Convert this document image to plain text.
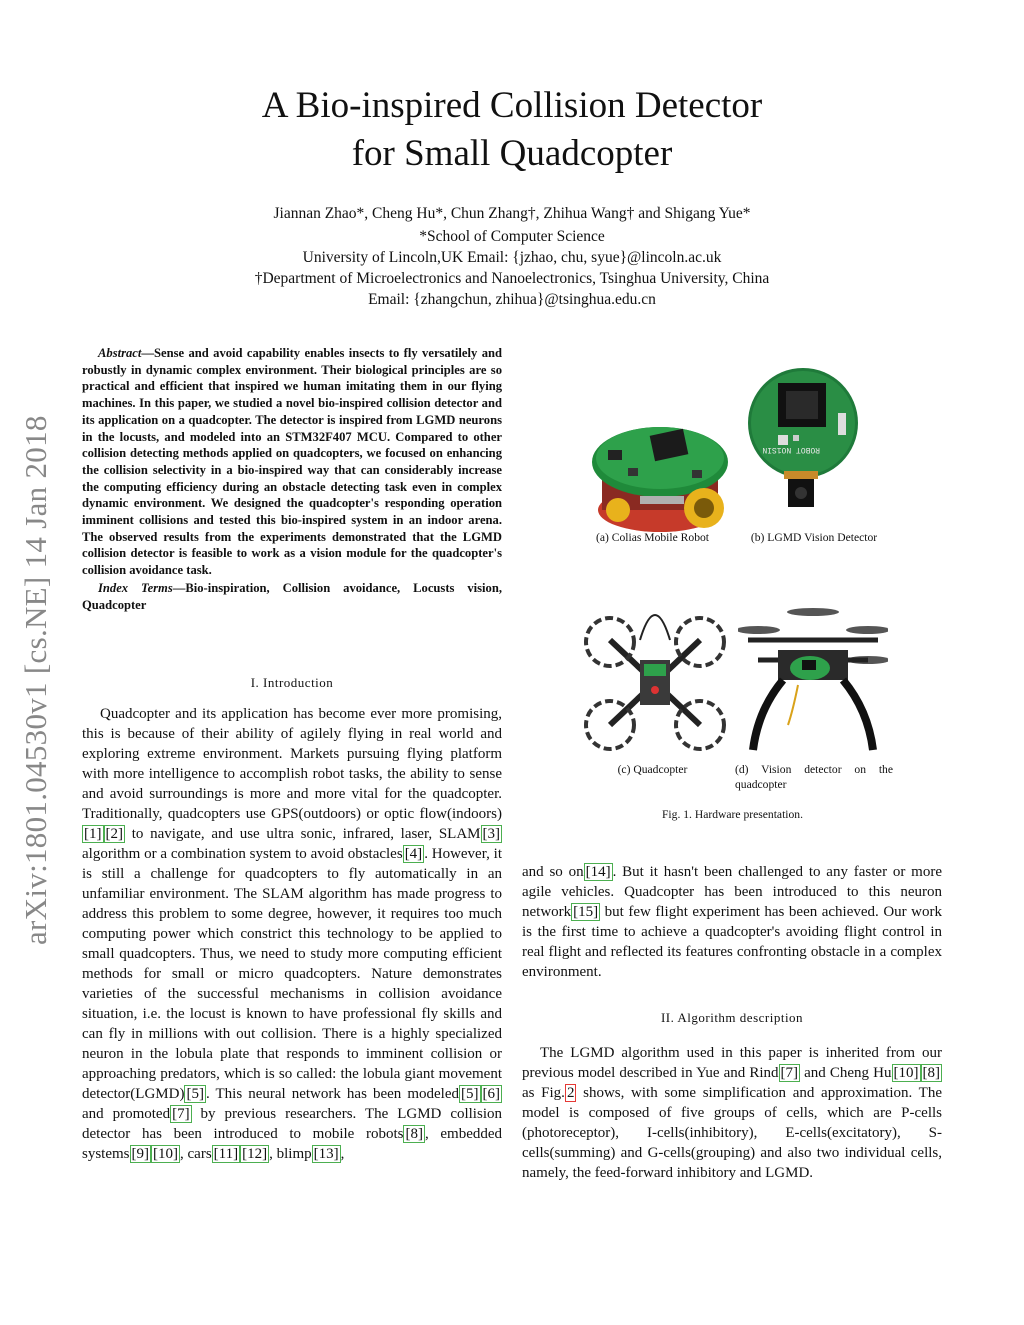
arXiv:1801.04530v1 [cs.NE] 14 Jan 2018
A Bio-inspired Collision Detector
for Small Quadcopter
Jiannan Zhao*, Cheng Hu*, Chun Zhang†, Zhihua Wang† and Shigang Yue*
*School of Computer Science
University of Lincoln,UK Email: {jzhao, chu, syue}@lincoln.ac.uk
†Department of Microelectronics and Nanoelectronics, Tsinghua University, China
Email: {zhangchun, zhihua}@tsinghua.edu.cn
Abstract—Sense and avoid capability enables insects to fly versatilely and robustly in dynamic complex environment. Their biological principles are so practical and efficient that inspired we human imitating them in our flying machines. In this paper, we studied a novel bio-inspired collision detector and its application on a quadcopter. The detector is inspired from LGMD neurons in the locusts, and modeled into an STM32F407 MCU. Compared to other collision detecting methods applied on quadcopters, we focused on enhancing the collision selectivity in a bio-inspired way that can considerably increase the computing efficiency during an obstacle detecting task even in complex dynamic environment. We designed the quadcopter's responding operation imminent collisions and tested this bio-inspired system in an indoor arena. The observed results from the experiments demonstrated that the LGMD collision detector is feasible to work as a vision module for the quadcopter's collision avoidance task.
Index Terms—Bio-inspiration, Collision avoidance, Locusts vision, Quadcopter
I. Introduction

Quadcopter and its application has become ever more promising, this is because of their ability of agilely flying in real world and exploring extreme environment. Markets pursuing flying platform with more intelligence to accomplish robot tasks, the ability to sense and avoid surroundings is more and more vital for the quadcopter. Traditionally, quadcopters use GPS(outdoors) or optic flow(indoors)[1] [2] to navigate, and use ultra sonic, infrared, laser, SLAM [3] algorithm or a combination system to avoid obstacles [4] . However, it is still a challenge for quadcopters to fly automatically in an unfamiliar environment. The SLAM algorithm has made progress to address this problem to some degree, however, it requires too much computing power which constrict this technology to be applied to small quadcopters. Thus, we need to study more computing efficient methods for small or micro quadcopters. Nature demonstrates varieties of the successful mechanisms in collision avoidance situation, i.e. the locust is known to have professional fly skills and can fly in millions with out collision. There is a highly specialized neuron in the lobula plate that responds to imminent collision or approaching predators, which is so called: the lobula giant movement detector(LGMD) [5] . This neural network has been modeled [5] [6] and promoted [7] by previous researchers. The LGMD collision detector has been introduced to mobile robots [8] , embedded systems [9] [10] , cars [11] [12] , blimp [13] ,

ROBOT NO1SIN
(a) Colias Mobile Robot	(b) LGMD Vision Detector
(c) Quadcopter	(d) Vision detector on the quadcopter
Fig. 1. Hardware presentation.

and so on [14] . But it hasn't been challenged to any faster or more agile vehicles. Quadcopter has been introduced to this neuron network [15] but few flight experiment has been achieved. Our work is the first time to achieve a quadcopter's avoiding flight control in real flight and reflected its features confronting obstacle in a complex environment.

II. Algorithm description

The LGMD algorithm used in this paper is inherited from our previous model described in Yue and Rind [7] and Cheng Hu [10] [8] as Fig. 2 shows, with some simplification and approximation. The model is composed of five groups of cells, which are P-cells (photoreceptor), I-cells(inhibitory), E-cells(excitatory), S-cells(summing) and G-cells(grouping) and also two individual cells, namely, the feed-forward inhibitory and LGMD.
